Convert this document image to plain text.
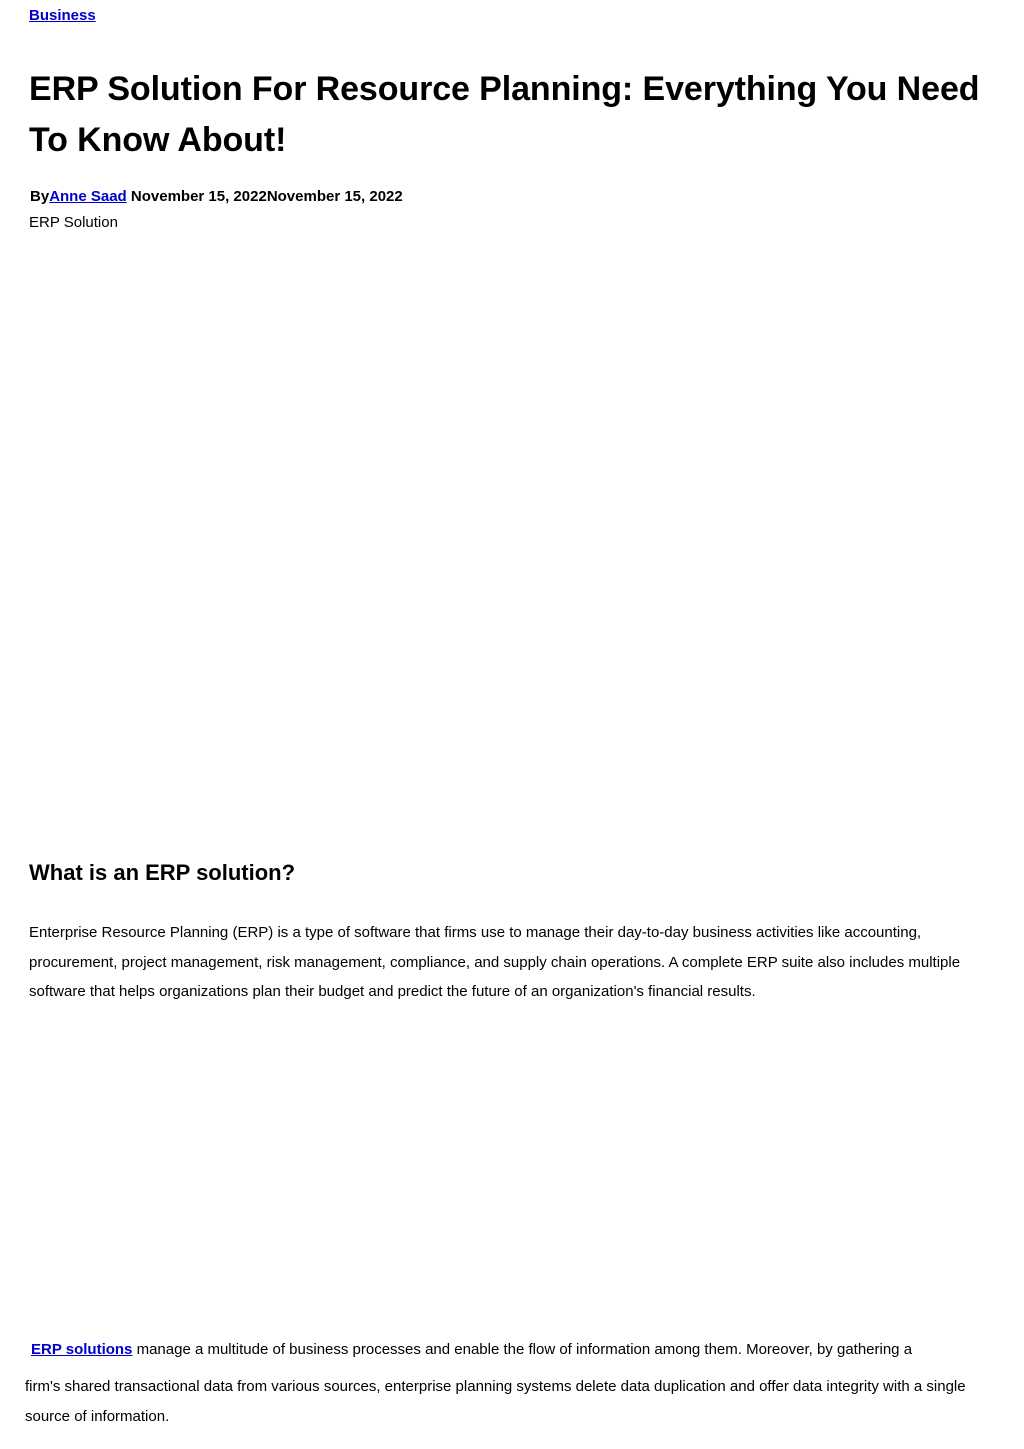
Business
ERP Solution For Resource Planning: Everything You Need To Know About!
ByAnne Saad November 15, 2022November 15, 2022
ERP Solution
What is an ERP solution?

Enterprise Resource Planning (ERP) is a type of software that firms use to manage their day-to-day business activities like accounting, procurement, project management, risk management, compliance, and supply chain operations. A complete ERP suite also includes multiple software that helps organizations plan their budget and predict the future of an organization's financial results.

ERP solutions manage a multitude of business processes and enable the flow of information among them. Moreover, by gathering a

firm's shared transactional data from various sources, enterprise planning systems delete data duplication and offer data integrity with a single source of information.
